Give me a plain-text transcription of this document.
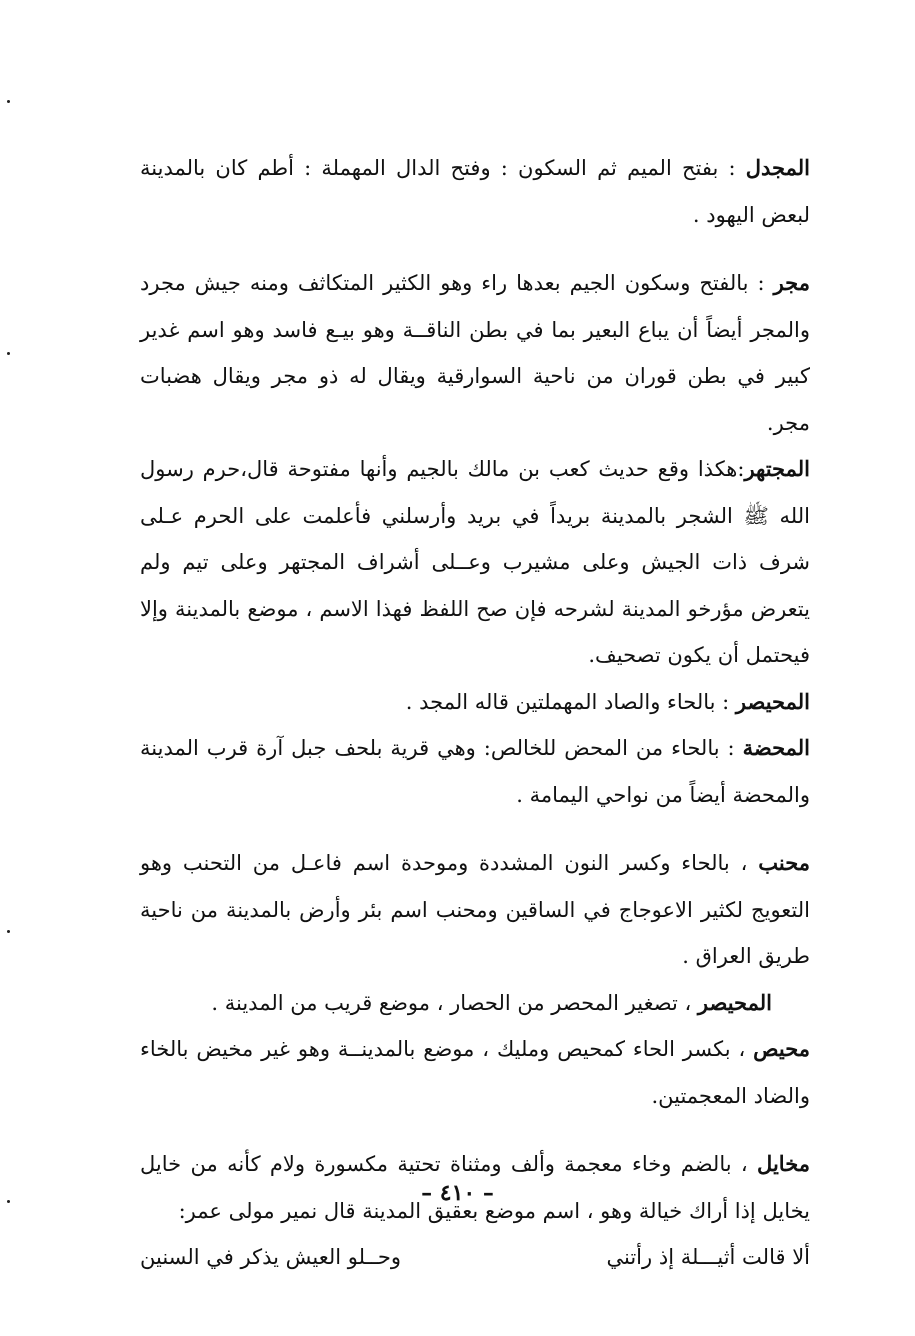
المجدل : بفتح الميم ثم السكون : وفتح الدال المهملة : أطم كان بالمدينة لبعض اليهود .

مجر : بالفتح وسكون الجيم بعدها راء وهو الكثير المتكاثف ومنه جيش مجرد والمجر أيضاً أن يباع البعير بما في بطن الناقــة وهو بيـع فاسد وهو اسم غدير كبير في بطن قوران من ناحية السوارقية ويقال له ذو مجر ويقال هضبات مجر.

المجتهر:هكذا وقع حديث كعب بن مالك بالجيم وأنها مفتوحة قال،حرم رسول الله ﷺ الشجر بالمدينة بريداً في بريد وأرسلني فأعلمت على الحرم عـلى شرف ذات الجيش وعلى مشيرب وعــلى أشراف المجتهر وعلى تيم ولم يتعرض مؤرخو المدينة لشرحه فإن صح اللفظ فهذا الاسم ، موضع بالمدينة وإلا فيحتمل أن يكون تصحيف.

المحيصر : بالحاء والصاد المهملتين قاله المجد .

المحضة : بالحاء من المحض للخالص: وهي قرية بلحف جبل آرة قرب المدينة والمحضة أيضاً من نواحي اليمامة .

محنب ، بالحاء وكسر النون المشددة وموحدة اسم فاعـل من التحنب وهو التعويج لكثير الاعوجاج في الساقين ومحنب اسم بئر وأرض بالمدينة من ناحية طريق العراق .

المحيصر ، تصغير المحصر من الحصار ، موضع قريب من المدينة .

محيص ، بكسر الحاء كمحيص ومليك ، موضع بالمدينــة وهو غير مخيض بالخاء والضاد المعجمتين.

مخايل ، بالضم وخاء معجمة وألف ومثناة تحتية مكسورة ولام كأنه من خايل يخايل إذا أراك خيالة وهو ، اسم موضع بعقيق المدينة قال نمير مولى عمر:

ألا قالت أثيـــلة إذ رأتني
وحــلو العيش يذكر في السنين
– ٤١٠ –
